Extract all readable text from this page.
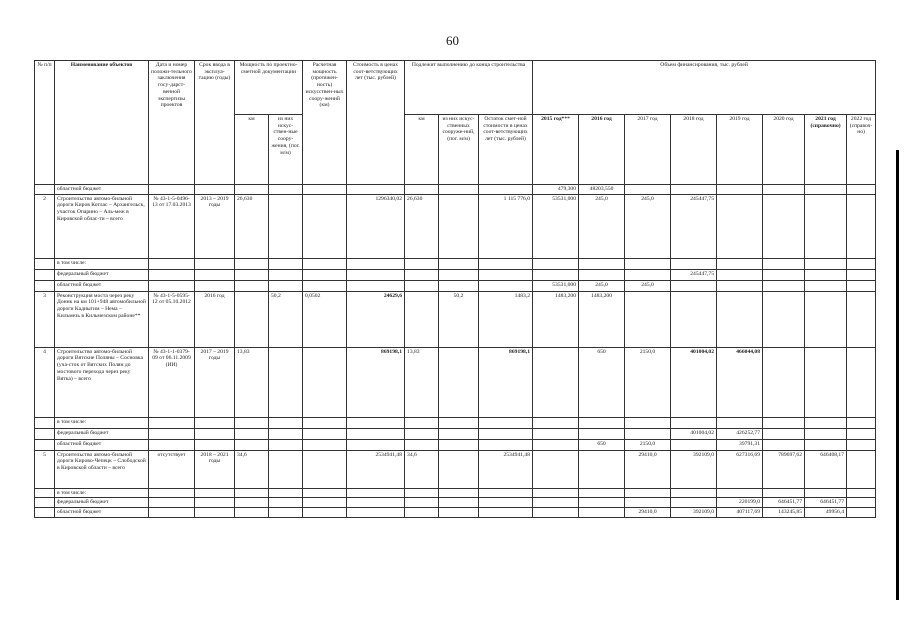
60
№ п/п	Наименование объектов	Дата и номер положи-тельного заключения госу-дарст-венной экспертизы проектов	Срок ввода в эксплуа-тацию (годы)	Мощность по проектно-сметной документации		Расчетная мощность (протяжен-ность) искусствен-ных соору-жений (км)	Стоимость в ценах соот-ветствующих лет (тыс. рублей)	Подлежит выполнению до конца строительства			Объем финансирования, тыс. рублей							
				км	из них искус-ствен-ные соору-жения, (пог. м/м)			км	из них искус-ственных сооруже-ний, (пог. м/м)	Остаток смет-ной стоимости в ценах соот-ветствующих лет (тыс. рублей)	2015 год***	2016 год	2017 год	2018 год	2019 год	2020 год	2021 год (справочно)	2022 год (справоч-но)
	областной бюджет										479,300	48203,550						
2	Строительство автомо-бильной дороги Киров Котлас – Архангельск, участок Опарино – Аль-меж в Кировской облас-ти – всего	№ 43-1-5-0496-13 от 17.03.2013	2013 – 2019 годы	26,630			1296340,02	26,630		1 115 776,0	53531,000	245,0	245,0	245447,75				
	в том числе:																	
	федеральный бюджет													245447,75				
	областной бюджет										53531,000	245,0	245,0					
3	Реконструкция моста через реку Доннк на км 101+948 автомобильной дороги Кадиыгим – Нема – Кильмезь в Кильмезском районе**	№ 43-1-5-0595-12 от 05.10.2012	2016 год		50,2	0,0502	24629,6		50,2	1483,2	1483,200	1483,200						
4	Строительство автомо-бильной дороги Вятские Поляны – Сосновка (уча-сток от Вятских Полян до мостового перехода через реку Вятка) – всего	№ 43-1-1-0379-09 от 06.11.2009 (ИИ)	2017 – 2019 годы	13,83			869198,1	13,83		869198,1		650	2150,0	401004,02	466044,08			
	в том числе:																	
	федеральный бюджет													401004,02	426252,77			
	областной бюджет											650	2150,0		39791,31			
5	Строительство автомо-бильной дороги Кирово-Чепецк – Слободской в Кировской области – всего	отсутствует	2018 – 2021 годы	34,6			2534941,48	34,6		2534941,48			29410,0	392109,0	627316,69	789697,62	646408,17	
	в том числе:																	
	федеральный бюджет														220199,0	646451,77	646451,77	
	областной бюджет												29410,0	392109,0	407117,69	143245,85	49956,4	
